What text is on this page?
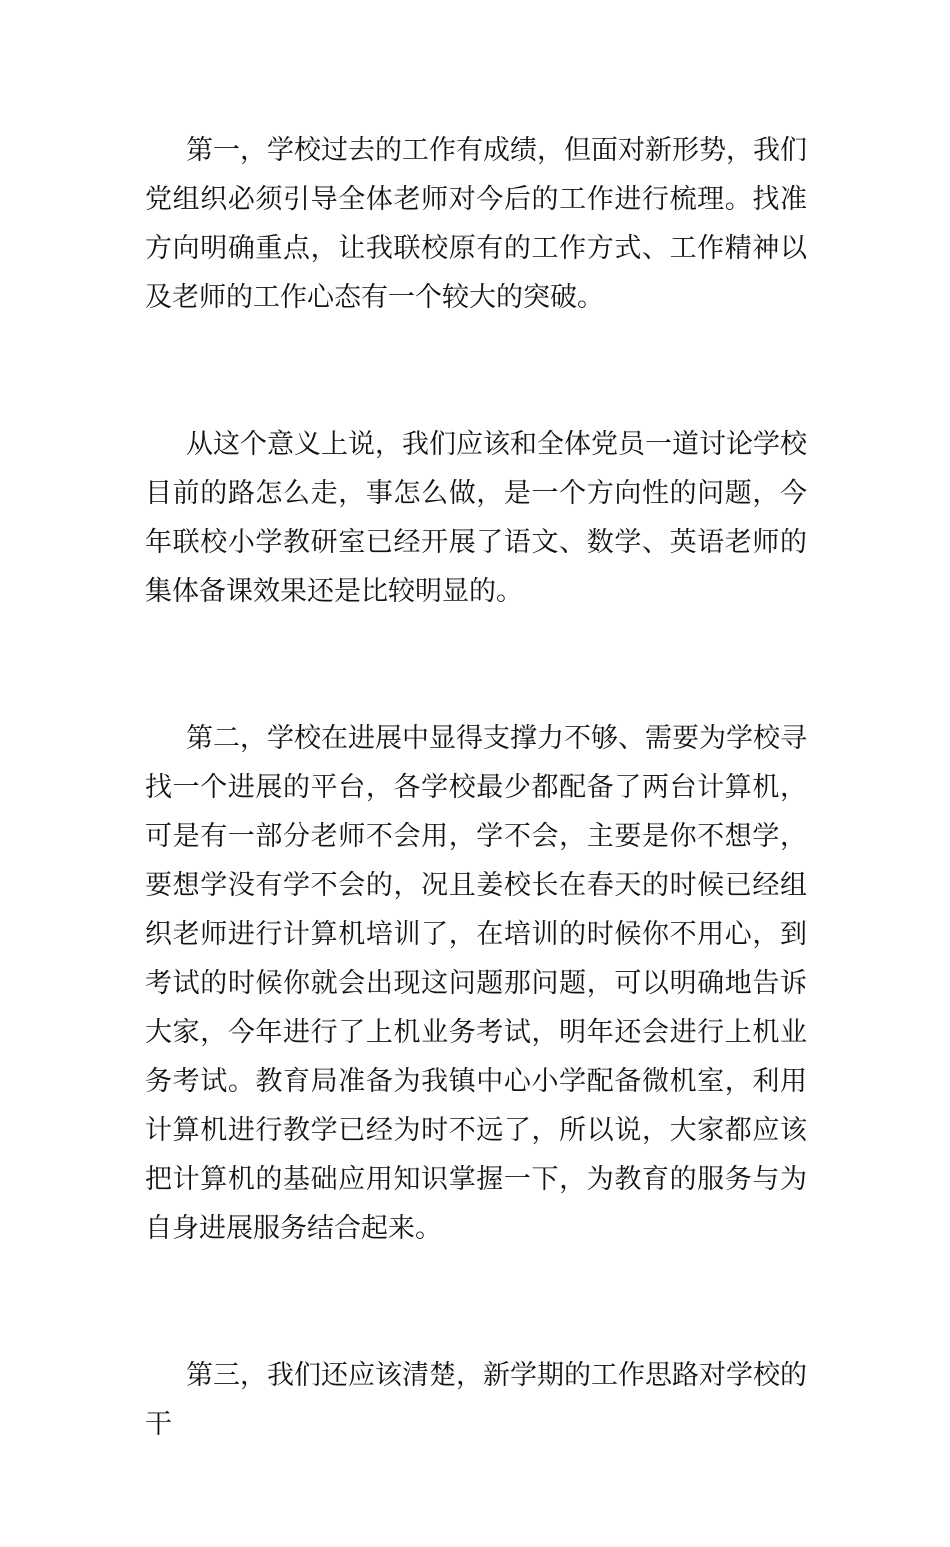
第一，学校过去的工作有成绩，但面对新形势，我们党组织必须引导全体老师对今后的工作进行梳理。找准方向明确重点，让我联校原有的工作方式、工作精神以及老师的工作心态有一个较大的突破。

从这个意义上说，我们应该和全体党员一道讨论学校目前的路怎么走，事怎么做，是一个方向性的问题，今年联校小学教研室已经开展了语文、数学、英语老师的集体备课效果还是比较明显的。

第二，学校在进展中显得支撑力不够、需要为学校寻找一个进展的平台，各学校最少都配备了两台计算机，可是有一部分老师不会用，学不会，主要是你不想学，要想学没有学不会的，况且姜校长在春天的时候已经组织老师进行计算机培训了，在培训的时候你不用心，到考试的时候你就会出现这问题那问题，可以明确地告诉大家，今年进行了上机业务考试，明年还会进行上机业务考试。教育局准备为我镇中心小学配备微机室，利用计算机进行教学已经为时不远了，所以说，大家都应该把计算机的基础应用知识掌握一下，为教育的服务与为自身进展服务结合起来。

第三，我们还应该清楚，新学期的工作思路对学校的干
